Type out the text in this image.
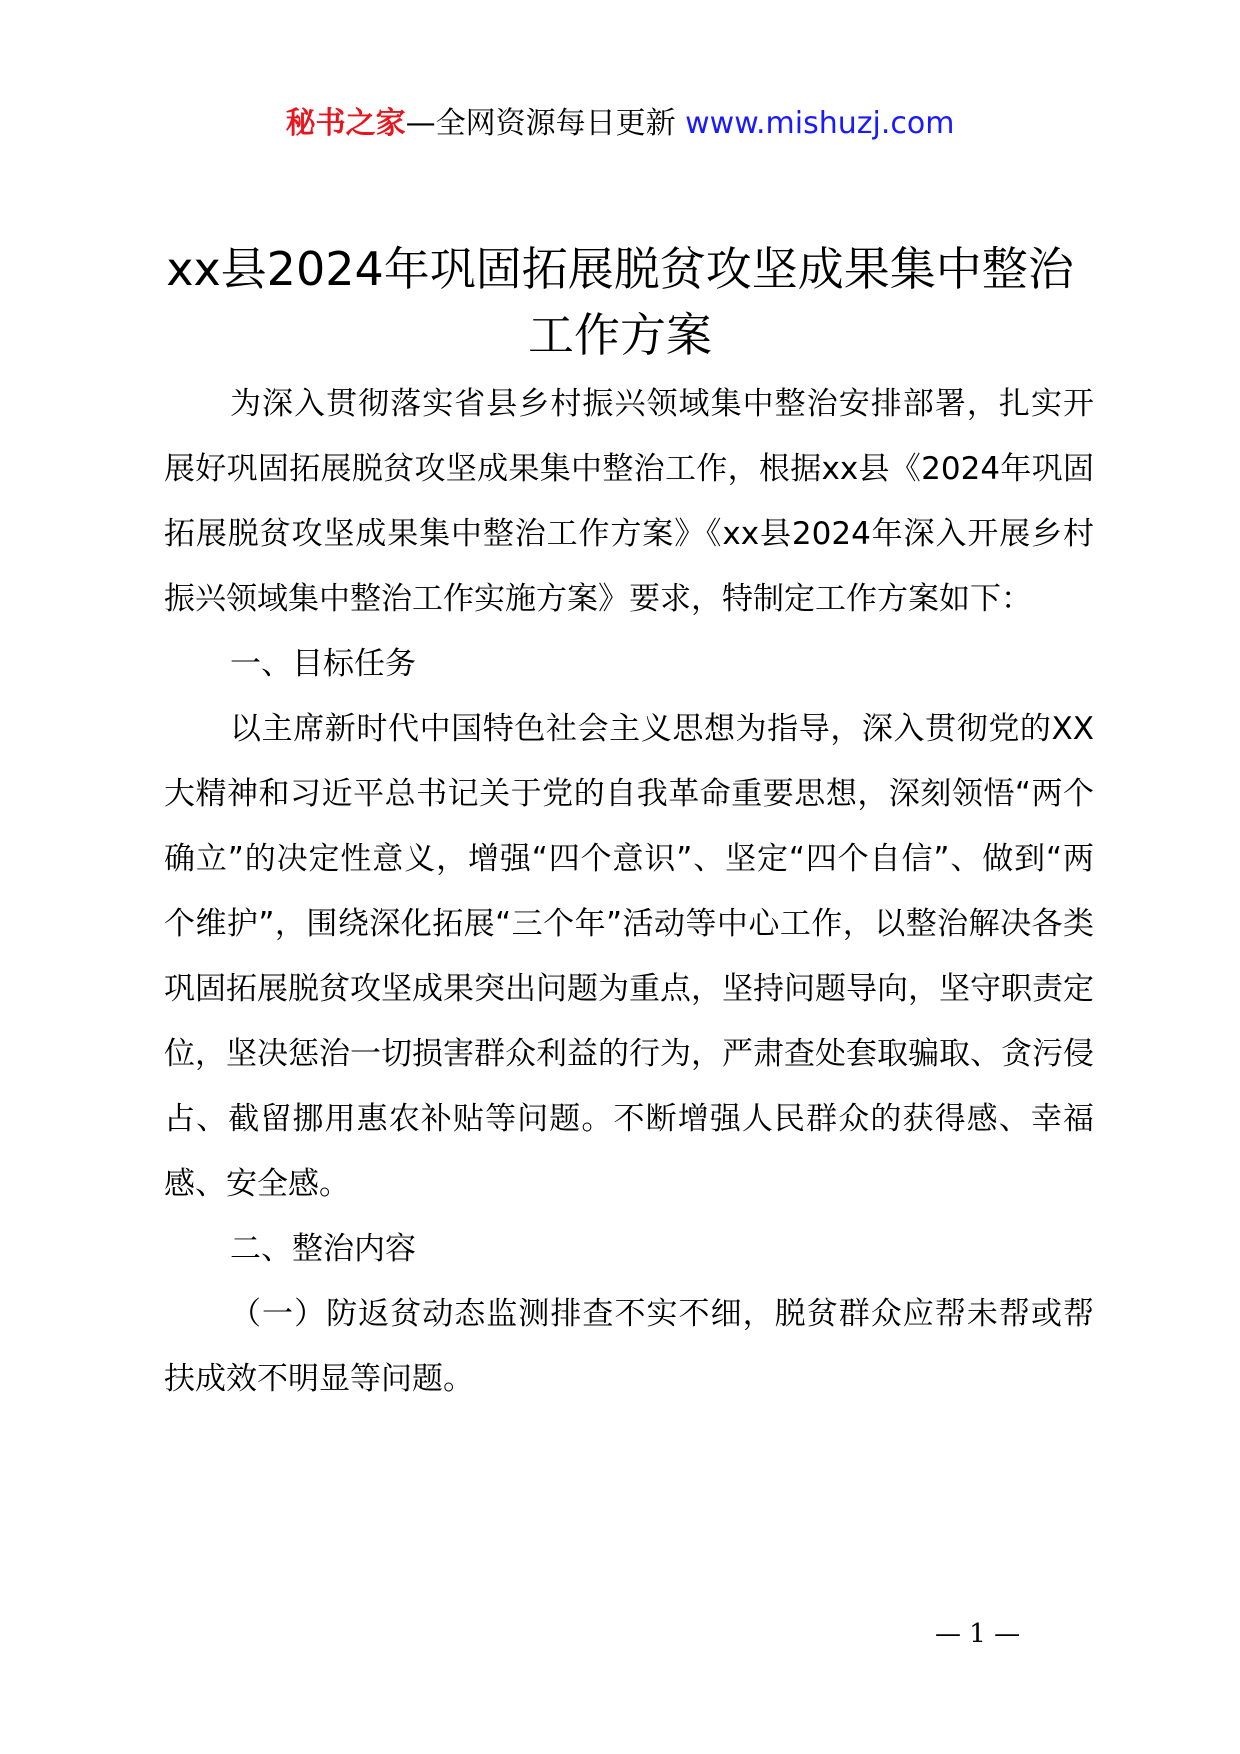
秘书之家—全网资源每日更新 www.mishuzj.com
xx县2024年巩固拓展脱贫攻坚成果集中整治工作方案

为深入贯彻落实省县乡村振兴领域集中整治安排部署，扎实开展好巩固拓展脱贫攻坚成果集中整治工作，根据xx县《2024年巩固拓展脱贫攻坚成果集中整治工作方案》《xx县2024年深入开展乡村振兴领域集中整治工作实施方案》要求，特制定工作方案如下：

一、目标任务

以主席新时代中国特色社会主义思想为指导，深入贯彻党的XX大精神和习近平总书记关于党的自我革命重要思想，深刻领悟“两个确立”的决定性意义，增强“四个意识”、坚定“四个自信”、做到“两个维护”，围绕深化拓展“三个年”活动等中心工作，以整治解决各类巩固拓展脱贫攻坚成果突出问题为重点，坚持问题导向，坚守职责定位，坚决惩治一切损害群众利益的行为，严肃查处套取骗取、贪污侵占、截留挪用惠农补贴等问题。不断增强人民群众的获得感、幸福感、安全感。

二、整治内容

（一）防返贫动态监测排查不实不细，脱贫群众应帮未帮或帮扶成效不明显等问题。

— 1 —
